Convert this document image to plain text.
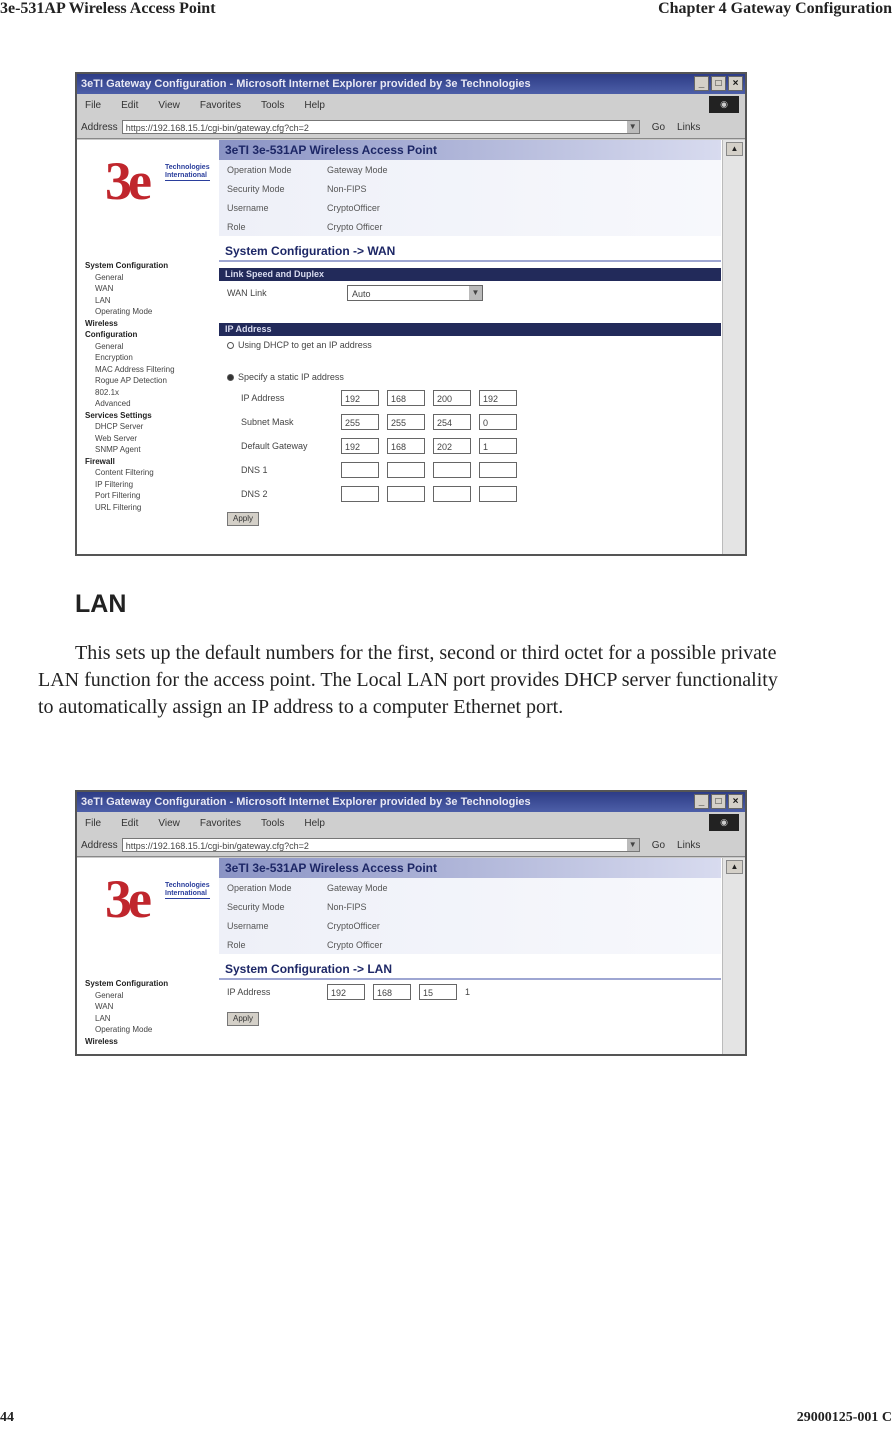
3e-531AP Wireless Access Point	Chapter 4 Gateway Configuration
3eTI Gateway Configuration - Microsoft Internet Explorer provided by 3e Technologies	_	□	×
File Edit View Favorites Tools Help	◉
Address https://192.168.15.1/cgi-bin/gateway.cfg?ch=2	▼ Go Links
3e Technologies International
System Configuration
General
WAN
LAN
Operating Mode
Wireless
Configuration
General
Encryption
MAC Address Filtering
Rogue AP Detection
802.1x
Advanced
Services Settings
DHCP Server
Web Server
SNMP Agent
Firewall
Content Filtering
IP Filtering
Port Filtering
URL Filtering
3eTI 3e-531AP Wireless Access Point
Operation Mode	Gateway Mode
Security Mode	Non-FIPS
Username	CryptoOfficer
Role	Crypto Officer
System Configuration -> WAN
Link Speed and Duplex
WAN Link	Auto	▼
IP Address
Using DHCP to get an IP address
Specify a static IP address
IP Address	192	168	200	192
Subnet Mask	255	255	254	0
Default Gateway	192	168	202	1
DNS 1
DNS 2
Apply
▲
LAN

This sets up the default numbers for the first, second or third octet for a possible private LAN function for the access point. The Local LAN port provides DHCP server functionality to automatically assign an IP address to a computer Ethernet port.

3eTI Gateway Configuration - Microsoft Internet Explorer provided by 3e Technologies	_	□	×
File Edit View Favorites Tools Help	◉
Address https://192.168.15.1/cgi-bin/gateway.cfg?ch=2	▼ Go Links
3e Technologies International
System Configuration
General
WAN
LAN
Operating Mode
Wireless
3eTI 3e-531AP Wireless Access Point
Operation Mode	Gateway Mode
Security Mode	Non-FIPS
Username	CryptoOfficer
Role	Crypto Officer
System Configuration -> LAN
IP Address	192	168	15	1
Apply
▲
44	29000125-001 C
